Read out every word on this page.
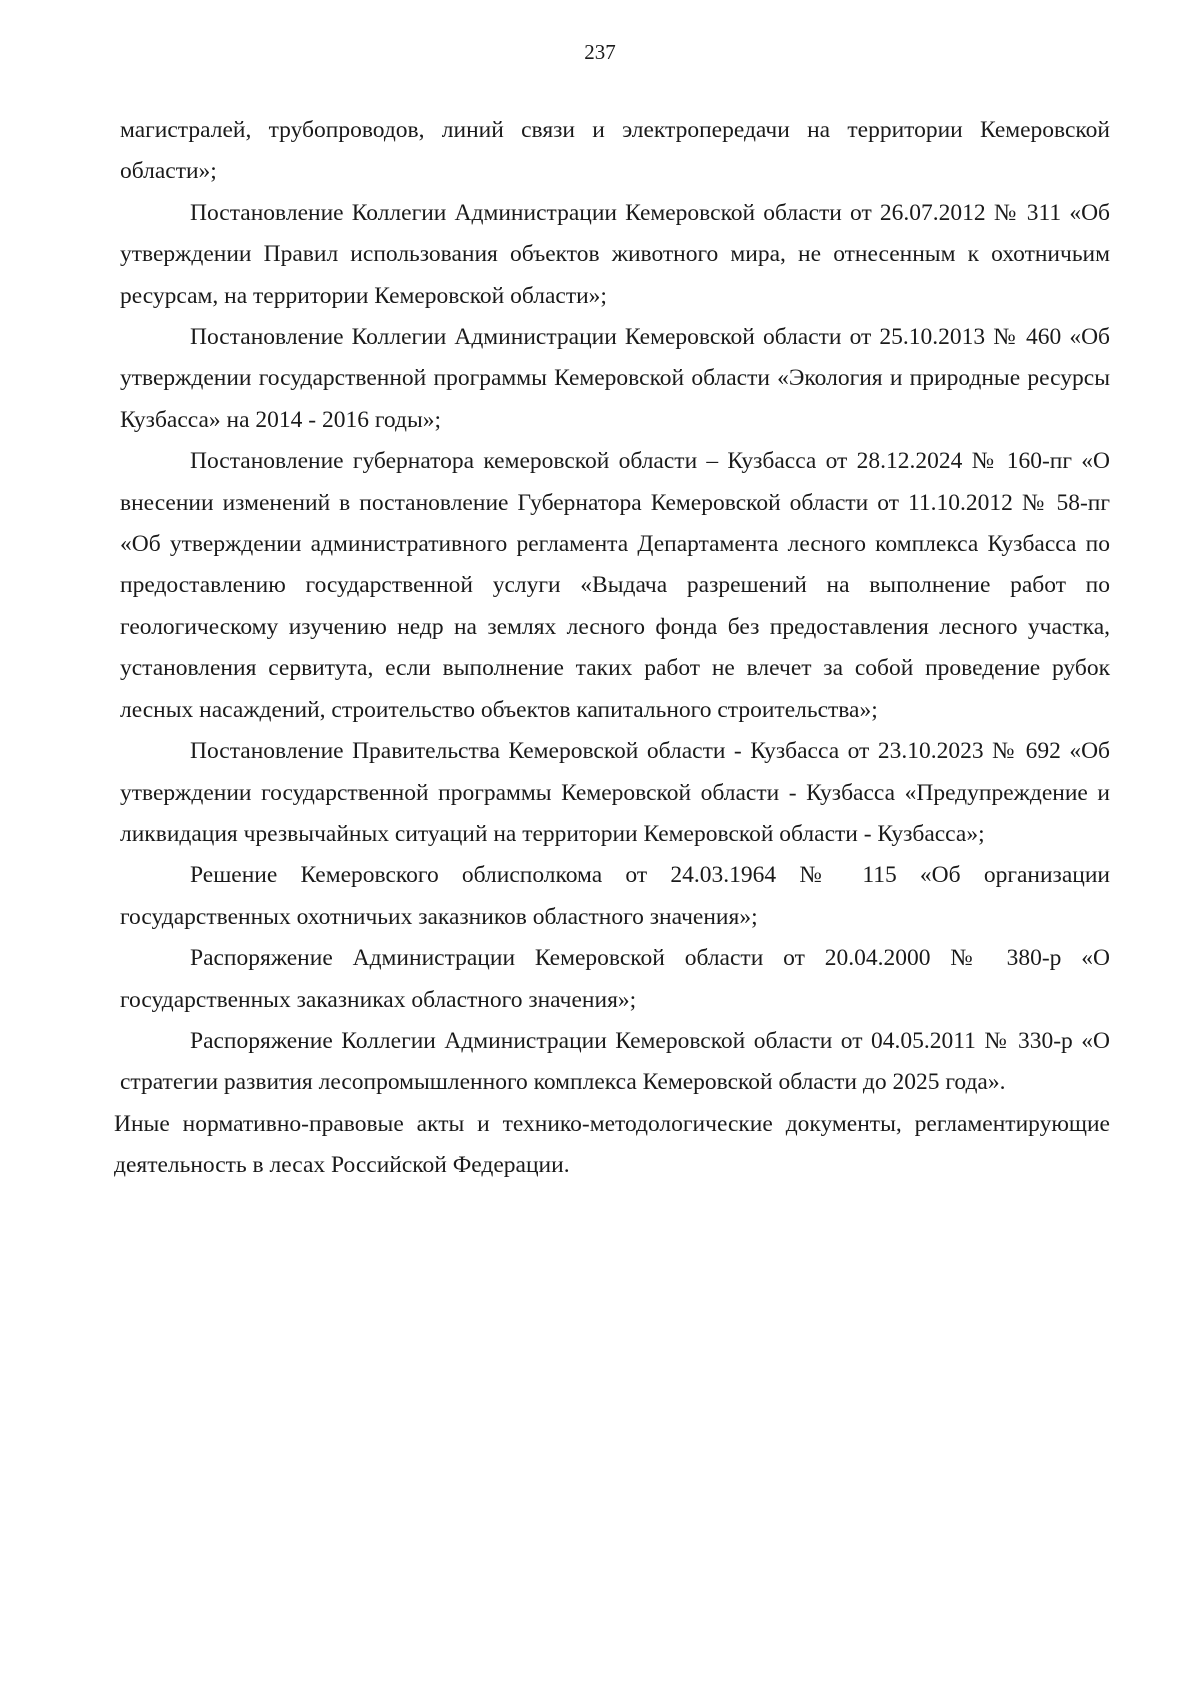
237

магистралей, трубопроводов, линий связи и электропередачи на территории Кемеровской области»;

Постановление Коллегии Администрации Кемеровской области от 26.07.2012 № 311 «Об утверждении Правил использования объектов животного мира, не отнесенным к охотничьим ресурсам, на территории Кемеровской области»;

Постановление Коллегии Администрации Кемеровской области от 25.10.2013 № 460 «Об утверждении государственной программы Кемеровской области «Экология и природные ресурсы Кузбасса» на 2014 - 2016 годы»;

Постановление губернатора кемеровской области – Кузбасса от 28.12.2024 № 160-пг «О внесении изменений в постановление Губернатора Кемеровской области от 11.10.2012 № 58-пг «Об утверждении административного регламента Департамента лесного комплекса Кузбасса по предоставлению государственной услуги «Выдача разрешений на выполнение работ по геологическому изучению недр на землях лесного фонда без предоставления лесного участка, установления сервитута, если выполнение таких работ не влечет за собой проведение рубок лесных насаждений, строительство объектов капитального строительства»;

Постановление Правительства Кемеровской области - Кузбасса от 23.10.2023 № 692 «Об утверждении государственной программы Кемеровской области - Кузбасса «Предупреждение и ликвидация чрезвычайных ситуаций на территории Кемеровской области - Кузбасса»;

Решение Кемеровского облисполкома от 24.03.1964 № 115 «Об организации государственных охотничьих заказников областного значения»;

Распоряжение Администрации Кемеровской области от 20.04.2000 № 380-р «О государственных заказниках областного значения»;

Распоряжение Коллегии Администрации Кемеровской области от 04.05.2011 № 330-р «О стратегии развития лесопромышленного комплекса Кемеровской области до 2025 года».

Иные нормативно-правовые акты и технико-методологические документы, регламентирующие деятельность в лесах Российской Федерации.
